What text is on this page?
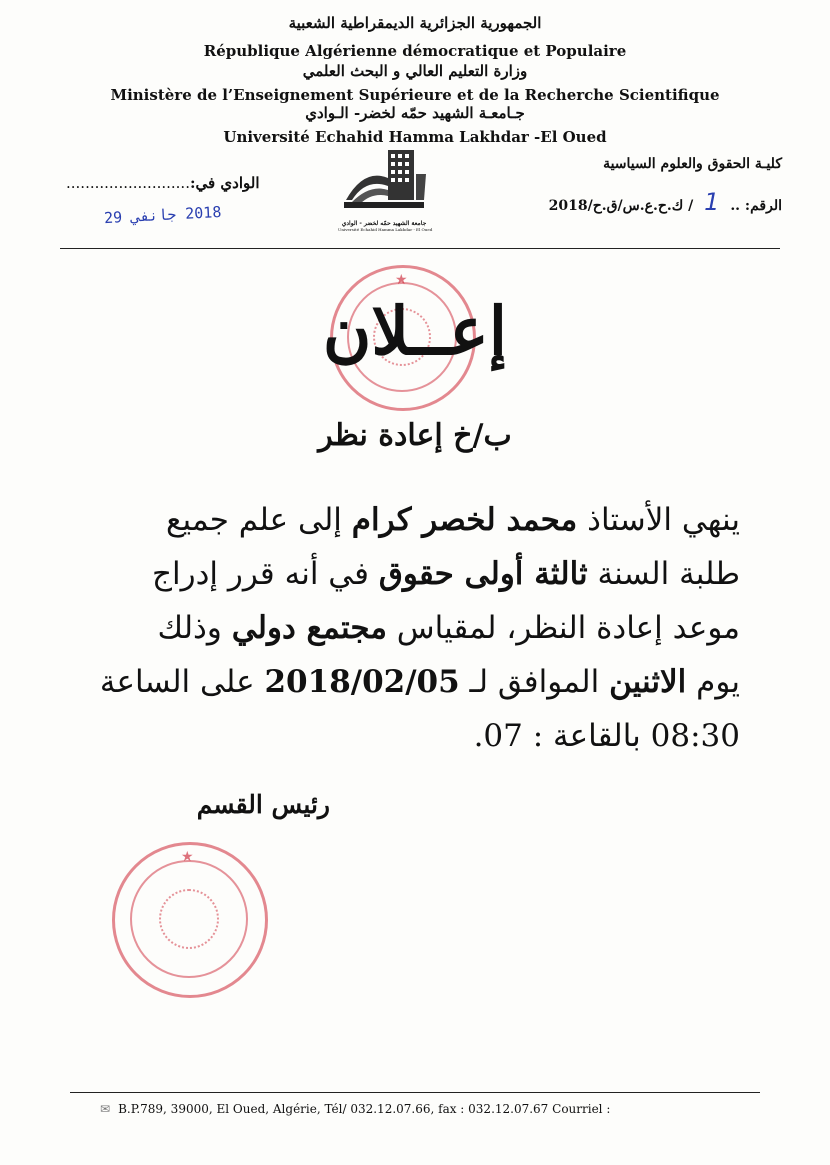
الجمهورية الجزائرية الديمقراطية الشعبية
République Algérienne démocratique et Populaire
وزارة التعليم العالي و البحث العلمي
Ministère de l’Enseignement Supérieure et de la Recherche Scientifique
جـامعـة الشهيد حمّه لخضر- الـوادي
Université Echahid Hamma Lakhdar -El Oued
كليـة الحقوق والعلوم السياسية
الرقم: .. 1 / ك.ح.ع.س/ق.ح/2018
..........................الوادي في:
2018 جانفي 29
جامعة الشهيد حمّه لخضر - الوادي
Université Echahid Hamma Lakhdar - El Oued
★
إعــلان
ب/خ إعادة نظر
ينهي الأستاذ محمد لخصر كرام إلى علم جميع
طلبة السنة ثالثة أولى حقوق في أنه قرر إدراج
موعد إعادة النظر، لمقياس مجتمع دولي وذلك
يوم الاثنين الموافق لـ 2018/02/05 على الساعة
08:30 بالقاعة : 07.
رئيس القسم
★
✉ B.P.789, 39000, El Oued, Algérie, Tél/ 032.12.07.66, fax : 032.12.07.67 Courriel :
